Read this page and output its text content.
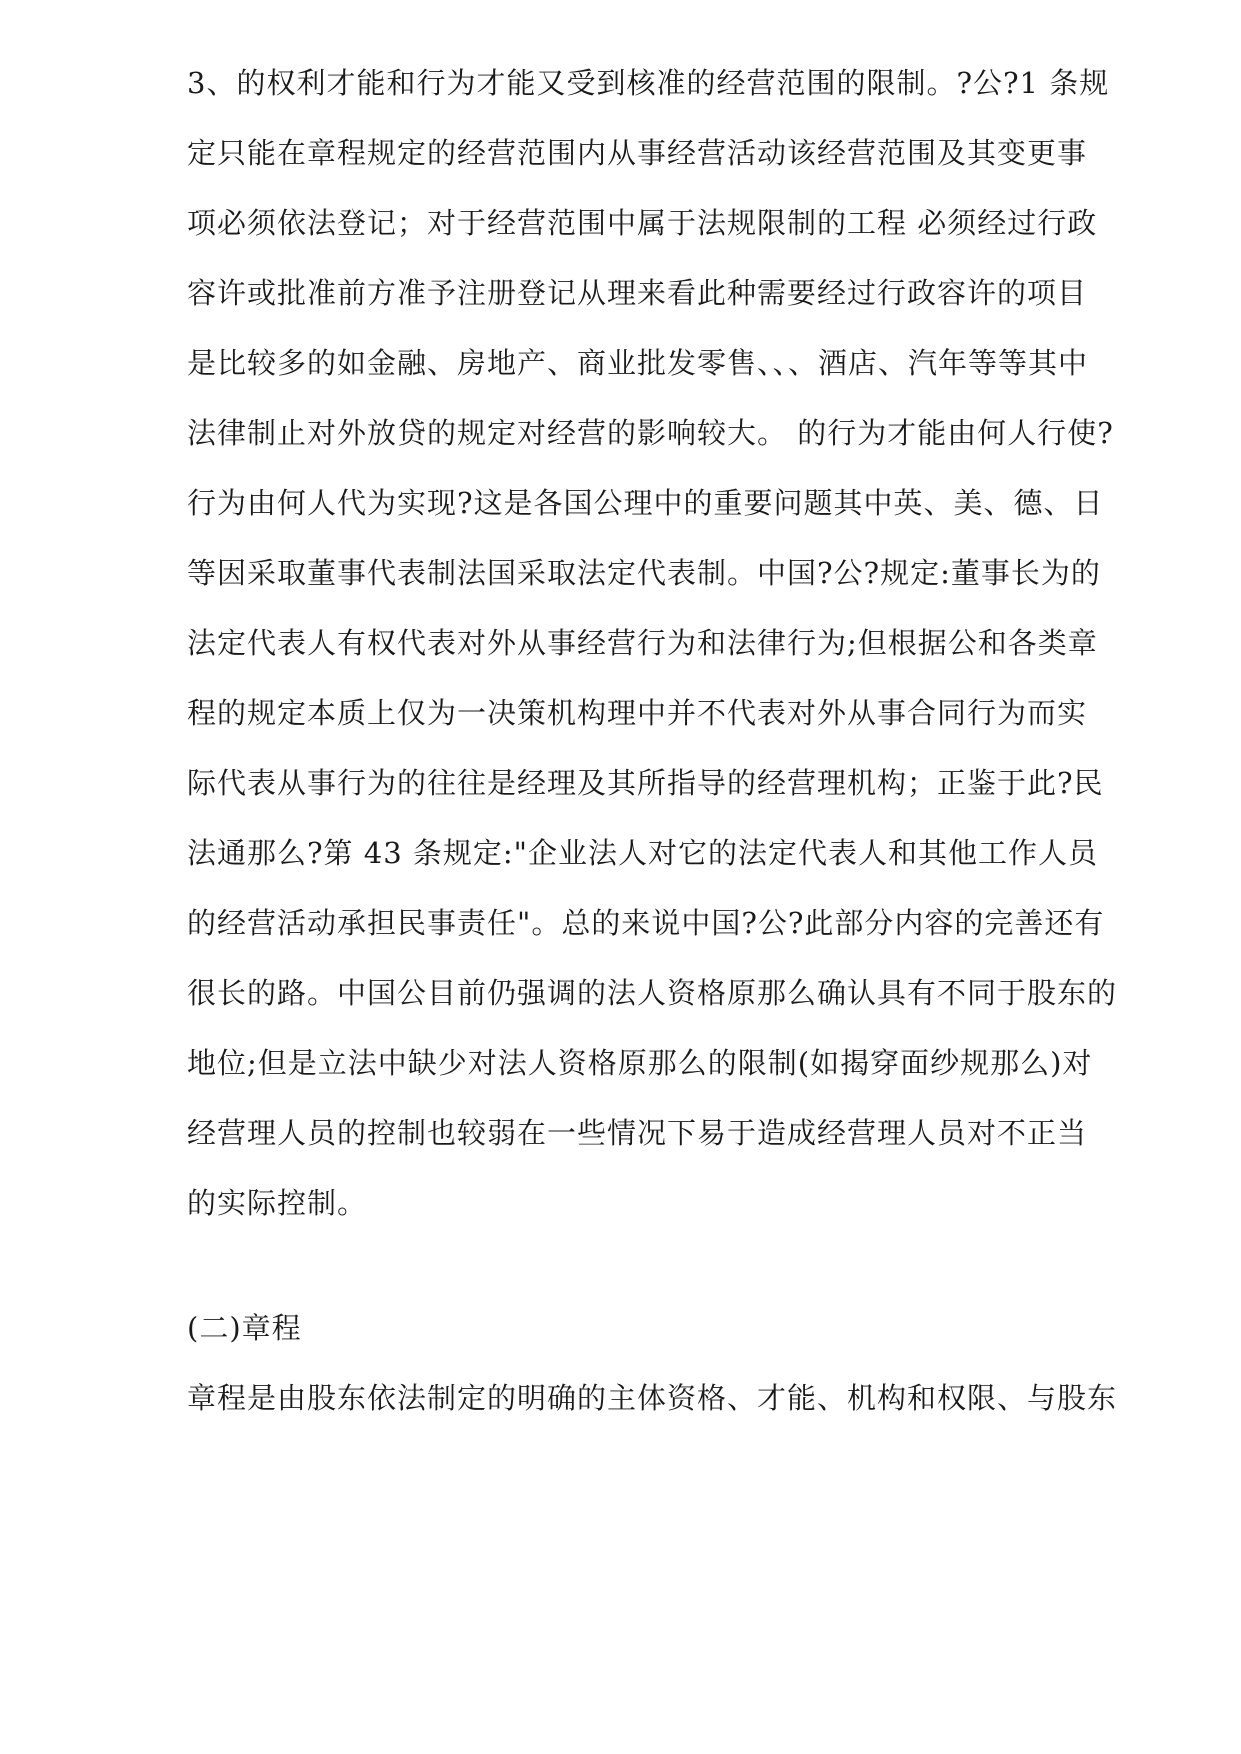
3、的权利才能和行为才能又受到核准的经营范围的限制。?公?1 条规
定只能在章程规定的经营范围内从事经营活动该经营范围及其变更事
项必须依法登记；对于经营范围中属于法规限制的工程 必须经过行政
容许或批准前方准予注册登记从理来看此种需要经过行政容许的项目
是比较多的如金融、房地产、商业批发零售、、、酒店、汽年等等其中
法律制止对外放贷的规定对经营的影响较大。 的行为才能由何人行使?
行为由何人代为实现?这是各国公理中的重要问题其中英、美、德、日
等因采取董事代表制法国采取法定代表制。中国?公?规定:董事长为的
法定代表人有权代表对外从事经营行为和法律行为;但根据公和各类章
程的规定本质上仅为一决策机构理中并不代表对外从事合同行为而实
际代表从事行为的往往是经理及其所指导的经营理机构；正鉴于此?民
法通那么?第 43 条规定:"企业法人对它的法定代表人和其他工作人员
的经营活动承担民事责任"。总的来说中国?公?此部分内容的完善还有
很长的路。中国公目前仍强调的法人资格原那么确认具有不同于股东的
地位;但是立法中缺少对法人资格原那么的限制(如揭穿面纱规那么)对
经营理人员的控制也较弱在一些情况下易于造成经营理人员对不正当
的实际控制。
(二)章程
章程是由股东依法制定的明确的主体资格、才能、机构和权限、与股东
